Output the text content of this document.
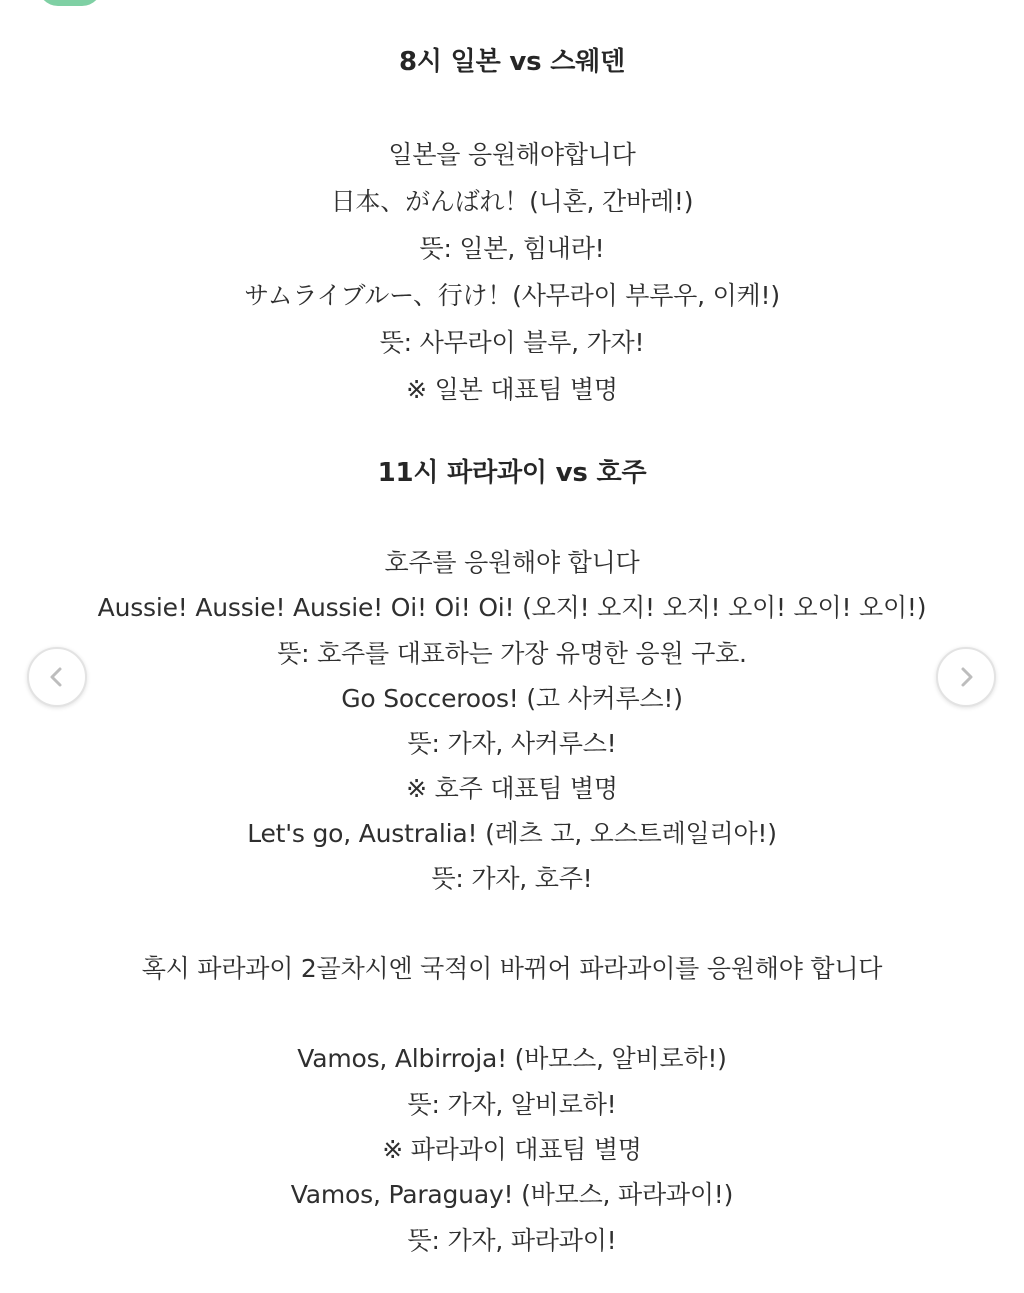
8시 일본 vs 스웨덴
일본을 응원해야합니다
日本、がんばれ！(니혼, 간바레!)
뜻: 일본, 힘내라!
サムライブルー、行け！(사무라이 부루우, 이케!)
뜻: 사무라이 블루, 가자!
※ 일본 대표팀 별명
11시 파라과이 vs 호주
호주를 응원해야 합니다
Aussie! Aussie! Aussie! Oi! Oi! Oi! (오지! 오지! 오지! 오이! 오이! 오이!)
뜻: 호주를 대표하는 가장 유명한 응원 구호.
Go Socceroos! (고 사커루스!)
뜻: 가자, 사커루스!
※ 호주 대표팀 별명
Let's go, Australia! (레츠 고, 오스트레일리아!)
뜻: 가자, 호주!
혹시 파라과이 2골차시엔 국적이 바뀌어 파라과이를 응원해야 합니다
Vamos, Albirroja! (바모스, 알비로하!)
뜻: 가자, 알비로하!
※ 파라과이 대표팀 별명
Vamos, Paraguay! (바모스, 파라과이!)
뜻: 가자, 파라과이!
